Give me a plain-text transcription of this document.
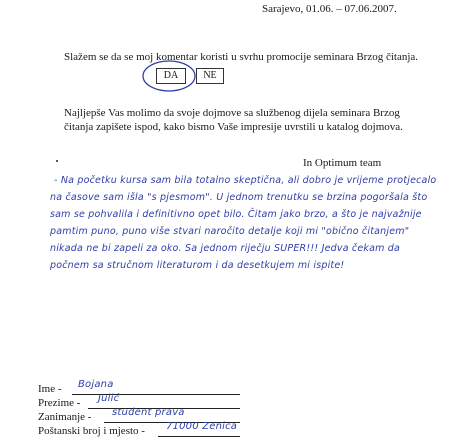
Sarajevo, 01.06. – 07.06.2007.
Slažem se da se moj komentar koristi u svrhu promocije seminara Brzog čitanja.
DA	NE
Najljepše Vas molimo da svoje dojmove sa službenog dijela seminara Brzog
čitanja zapišete ispod, kako bismo Vaše impresije uvrstili u katalog dojmova.
In Optimum team
- Na početku kursa sam bila totalno skeptična, ali dobro je vrijeme protjecalo
na časove sam išla "s pjesmom". U jednom trenutku se brzina pogoršala što
sam se pohvalila i definitivno opet bilo. Čitam jako brzo, a što je najvažnije
pamtim puno, puno više stvari naročito detalje koji mi "obično čitanjem"
nikada ne bi zapeli za oko. Sa jednom riječju SUPER!!! Jedva čekam da
počnem sa stručnom literaturom i da desetkujem mi ispite!
Ime - Bojana
Prezime - Julić
Zanimanje - student prava
Poštanski broj i mjesto - 71000 Zenica
